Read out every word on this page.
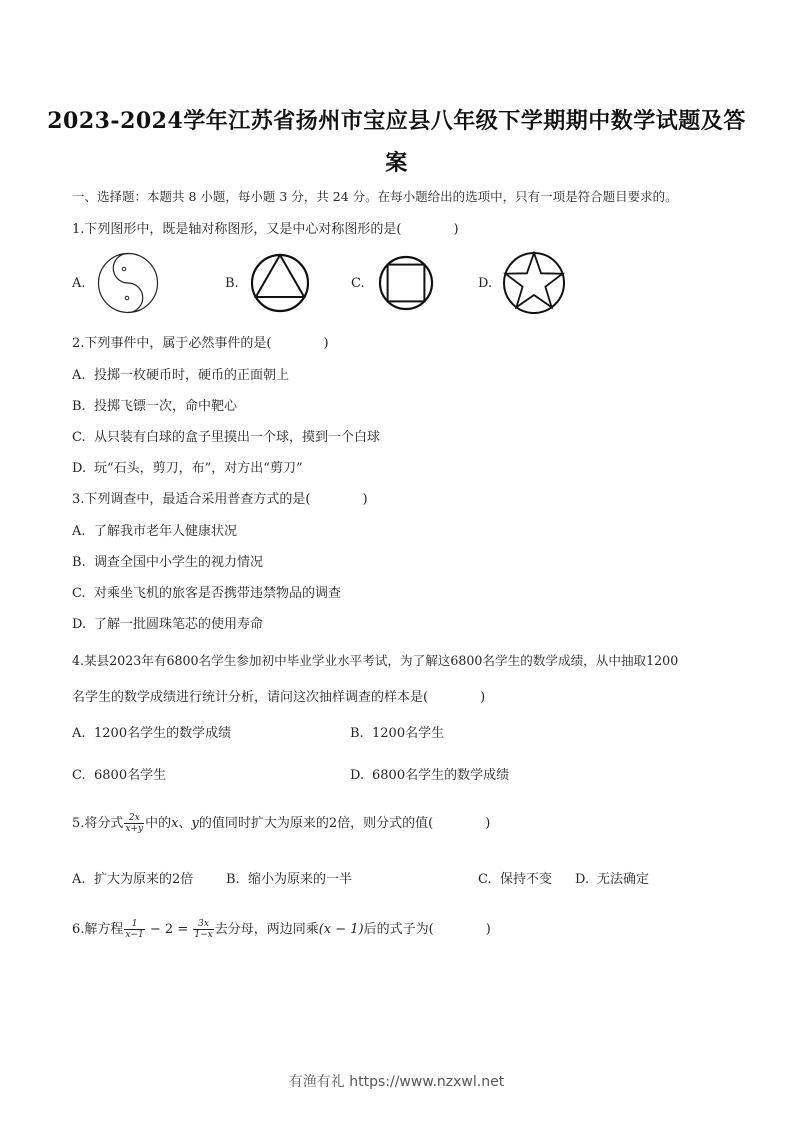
2023-2024学年江苏省扬州市宝应县八年级下学期期中数学试题及答
案
一、选择题：本题共 8 小题，每小题 3 分，共 24 分。在每小题给出的选项中，只有一项是符合题目要求的。
1.下列图形中，既是轴对称图形，又是中心对称图形的是(　　　　)
A.	B.	C.	D.
2.下列事件中，属于必然事件的是(　　　　)
A. 投掷一枚硬币时，硬币的正面朝上
B. 投掷飞镖一次，命中靶心
C. 从只装有白球的盒子里摸出一个球，摸到一个白球
D. 玩“石头，剪刀，布”，对方出“剪刀”
3.下列调查中，最适合采用普查方式的是(　　　　)
A. 了解我市老年人健康状况
B. 调查全国中小学生的视力情况
C. 对乘坐飞机的旅客是否携带违禁物品的调查
D. 了解一批圆珠笔芯的使用寿命
4.某县2023年有6800名学生参加初中毕业学业水平考试，为了解这6800名学生的数学成绩，从中抽取1200
名学生的数学成绩进行统计分析，请问这次抽样调查的样本是(　　　　)
A. 1200名学生的数学成绩	B. 1200名学生
C. 6800名学生	D. 6800名学生的数学成绩
5.将分式 $\frac{2x}{x+y}$ 中的x、y的值同时扩大为原来的2倍，则分式的值(　　　　)
A. 扩大为原来的2倍	B. 缩小为原来的一半	C. 保持不变 D. 无法确定
6.解方程 $\frac{1}{x-1} - 2 = \frac{3x}{1-x}$ 去分母，两边同乘(x − 1)后的式子为(　　　　)
有渔有礼 https://www.nzxwl.net
